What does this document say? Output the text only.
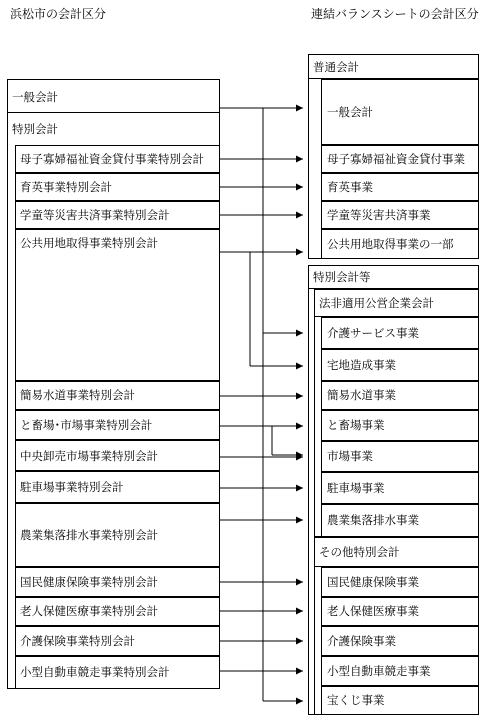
浜松市の会計区分	連結バランスシートの会計区分
一般会計
特別会計
母子寡婦福祉資金貸付事業特別会計
育英事業特別会計
学童等災害共済事業特別会計
公共用地取得事業特別会計
簡易水道事業特別会計
と畜場･市場事業特別会計
中央卸売市場事業特別会計
駐車場事業特別会計
農業集落排水事業特別会計
国民健康保険事業特別会計
老人保健医療事業特別会計
介護保険事業特別会計
小型自動車競走事業特別会計
普通会計
一般会計
母子寡婦福祉資金貸付事業
育英事業
学童等災害共済事業
公共用地取得事業の一部
特別会計等
法非適用公営企業会計
介護サービス事業
宅地造成事業
簡易水道事業
と畜場事業
市場事業
駐車場事業
農業集落排水事業
その他特別会計
国民健康保険事業
老人保健医療事業
介護保険事業
小型自動車競走事業
宝くじ事業
